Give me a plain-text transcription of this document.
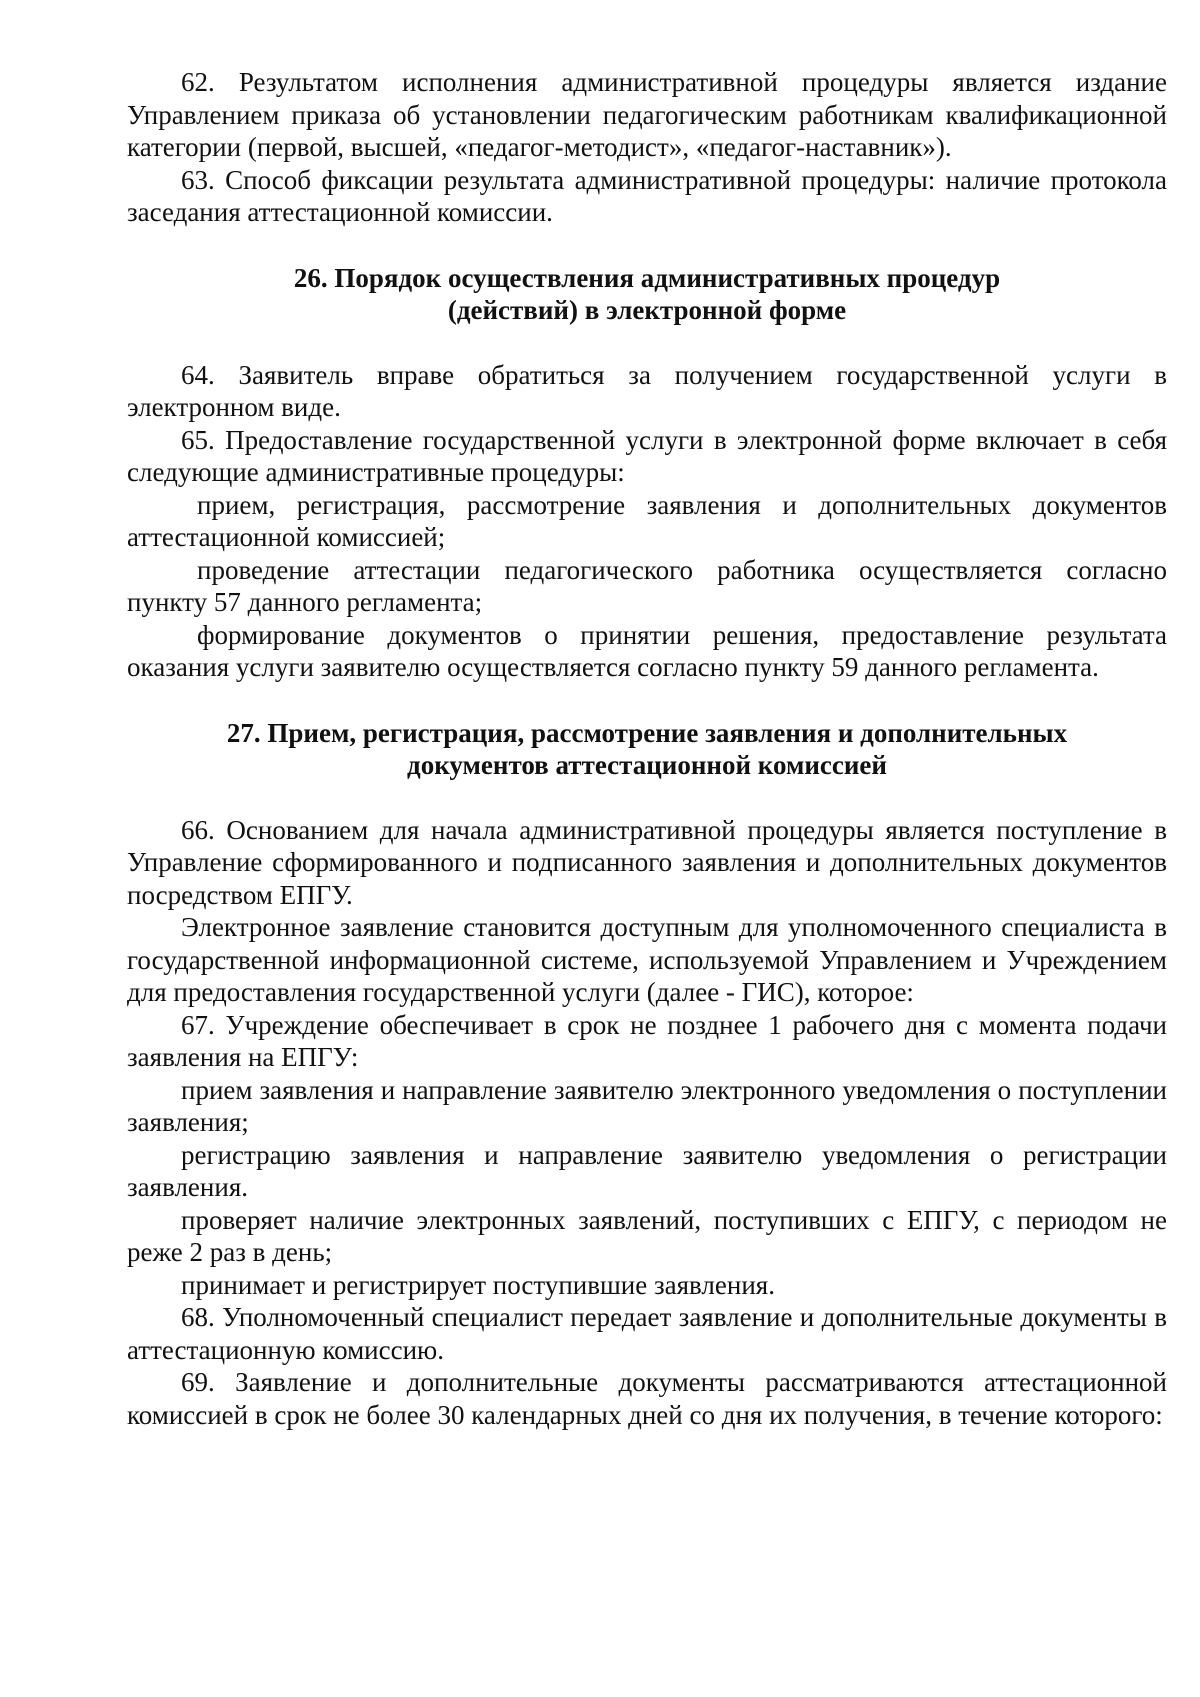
62. Результатом исполнения административной процедуры является издание Управлением приказа об установлении педагогическим работникам квалификационной категории (первой, высшей, «педагог-методист», «педагог-наставник»).

63. Способ фиксации результата административной процедуры: наличие протокола заседания аттестационной комиссии.

26. Порядок осуществления административных процедур
(действий) в электронной форме

64. Заявитель вправе обратиться за получением государственной услуги в электронном виде.

65. Предоставление государственной услуги в электронной форме включает в себя следующие административные процедуры:

прием, регистрация, рассмотрение заявления и дополнительных документов аттестационной комиссией;

проведение аттестации педагогического работника осуществляется согласно пункту 57 данного регламента;

формирование документов о принятии решения, предоставление результата оказания услуги заявителю осуществляется согласно пункту 59 данного регламента.

27. Прием, регистрация, рассмотрение заявления и дополнительных
документов аттестационной комиссией

66. Основанием для начала административной процедуры является поступление в Управление сформированного и подписанного заявления и дополнительных документов посредством ЕПГУ.

Электронное заявление становится доступным для уполномоченного специалиста в государственной информационной системе, используемой Управлением и Учреждением для предоставления государственной услуги (далее - ГИС), которое:

67. Учреждение обеспечивает в срок не позднее 1 рабочего дня с момента подачи заявления на ЕПГУ:

прием заявления и направление заявителю электронного уведомления о поступлении заявления;

регистрацию заявления и направление заявителю уведомления о регистрации заявления.

проверяет наличие электронных заявлений, поступивших с ЕПГУ, с периодом не реже 2 раз в день;

принимает и регистрирует поступившие заявления.

68. Уполномоченный специалист передает заявление и дополнительные документы в аттестационную комиссию.

69. Заявление и дополнительные документы рассматриваются аттестационной комиссией в срок не более 30 календарных дней со дня их получения, в течение которого:
